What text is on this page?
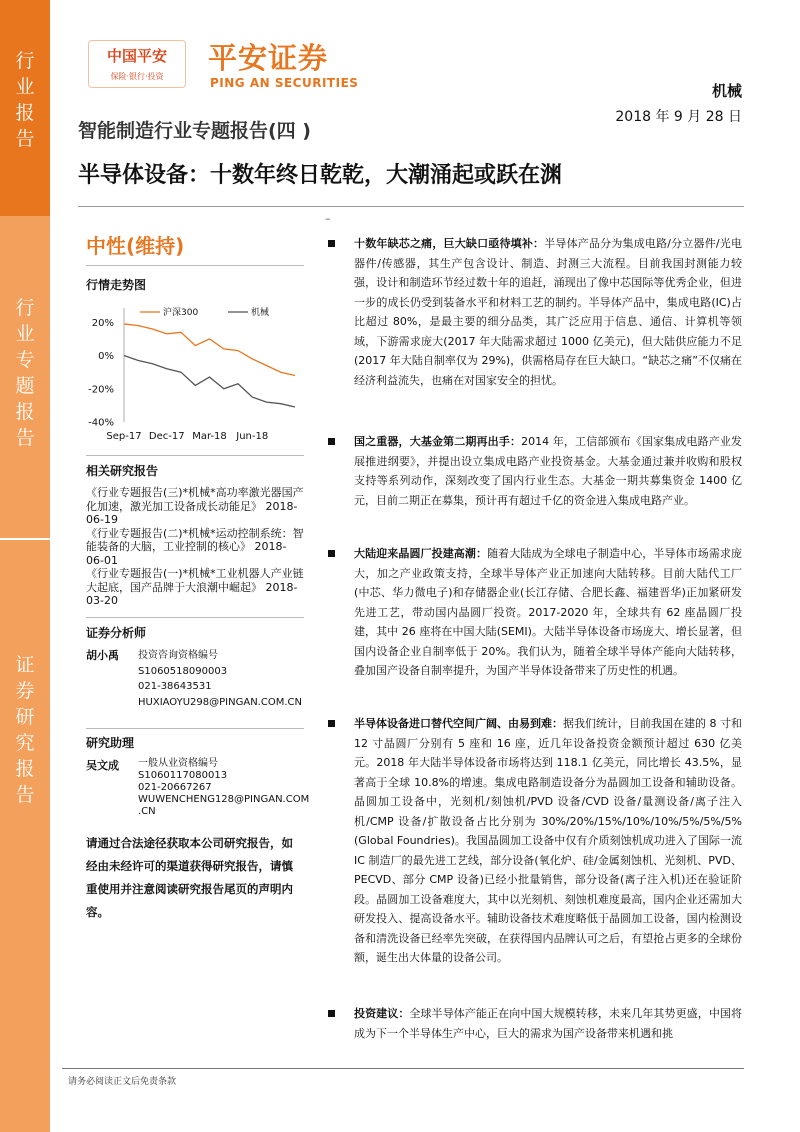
行业报告
行业专题报告
证券研究报告
中国平安
保险·银行·投资
平安证券
PING AN SECURITIES	机械
2018 年 9 月 28 日
智能制造行业专题报告(四 )
半导体设备：十数年终日乾乾，大潮涌起或跃在渊
中性(维持)
行情走势图
20%
0%
-20%
-40%
Sep-17 Dec-17 Mar-18 Jun-18
沪深300	机械
相关研究报告
《行业专题报告(三)*机械*高功率激光器国产化加速，激光加工设备成长动能足》 2018-06-19
《行业专题报告(二)*机械*运动控制系统：智能装备的大脑，工业控制的核心》 2018-06-01
《行业专题报告(一)*机械*工业机器人产业链大起底，国产品牌于大浪潮中崛起》 2018-03-20
证券分析师
胡小禹 投资咨询资格编号
S1060518090003
021-38643531
HUXIAOYU298@PINGAN.COM.CN
研究助理
吴文成 一般从业资格编号
S1060117080013
021-20667267
WUWENCHENG128@PINGAN.COM
.CN
请通过合法途径获取本公司研究报告，如经由未经许可的渠道获得研究报告，请慎重使用并注意阅读研究报告尾页的声明内容。
–
十数年缺芯之痛，巨大缺口亟待填补：半导体产品分为集成电路/分立器件/光电器件/传感器，其生产包含设计、制造、封测三大流程。目前我国封测能力较强，设计和制造环节经过数十年的追赶，涌现出了像中芯国际等优秀企业，但进一步的成长仍受到装备水平和材料工艺的制约。半导体产品中，集成电路(IC)占比超过 80%，是最主要的细分品类，其广泛应用于信息、通信、计算机等领域，下游需求庞大(2017 年大陆需求超过 1000 亿美元)，但大陆供应能力不足(2017 年大陆自制率仅为 29%)，供需格局存在巨大缺口。“缺芯之痛”不仅痛在经济利益流失，也痛在对国家安全的担忧。
国之重器，大基金第二期再出手：2014 年，工信部颁布《国家集成电路产业发展推进纲要》，并提出设立集成电路产业投资基金。大基金通过兼并收购和股权支持等系列动作，深刻改变了国内行业生态。大基金一期共募集资金 1400 亿元，目前二期正在募集，预计再有超过千亿的资金进入集成电路产业。
大陆迎来晶圆厂投建高潮：随着大陆成为全球电子制造中心，半导体市场需求庞大，加之产业政策支持，全球半导体产业正加速向大陆转移。目前大陆代工厂(中芯、华力微电子)和存储器企业(长江存储、合肥长鑫、福建晋华)正加紧研发先进工艺，带动国内晶圆厂投资。2017-2020 年，全球共有 62 座晶圆厂投建，其中 26 座将在中国大陆(SEMI)。大陆半导体设备市场庞大、增长显著，但国内设备企业自制率低于 20%。我们认为，随着全球半导体产能向大陆转移，叠加国产设备自制率提升，为国产半导体设备带来了历史性的机遇。
半导体设备进口替代空间广阔、由易到难：据我们统计，目前我国在建的 8 寸和 12 寸晶圆厂分别有 5 座和 16 座，近几年设备投资金额预计超过 630 亿美元。2018 年大陆半导体设备市场将达到 118.1 亿美元，同比增长 43.5%，显著高于全球 10.8%的增速。集成电路制造设备分为晶圆加工设备和辅助设备。晶圆加工设备中，光刻机/刻蚀机/PVD 设备/CVD 设备/量测设备/离子注入机/CMP 设备/扩散设备占比分别为 30%/20%/15%/10%/10%/5%/5%/5%(Global Foundries)。我国晶圆加工设备中仅有介质刻蚀机成功进入了国际一流 IC 制造厂的最先进工艺线，部分设备(氧化炉、硅/金属刻蚀机、光刻机、PVD、PECVD、部分 CMP 设备)已经小批量销售，部分设备(离子注入机)还在验证阶段。晶圆加工设备难度大，其中以光刻机、刻蚀机难度最高，国内企业还需加大研发投入、提高设备水平。辅助设备技术难度略低于晶圆加工设备，国内检测设备和清洗设备已经率先突破，在获得国内品牌认可之后，有望抢占更多的全球份额，诞生出大体量的设备公司。
投资建议：全球半导体产能正在向中国大规模转移，未来几年其势更盛，中国将成为下一个半导体生产中心，巨大的需求为国产设备带来机遇和挑
请务必阅读正文后免责条款
